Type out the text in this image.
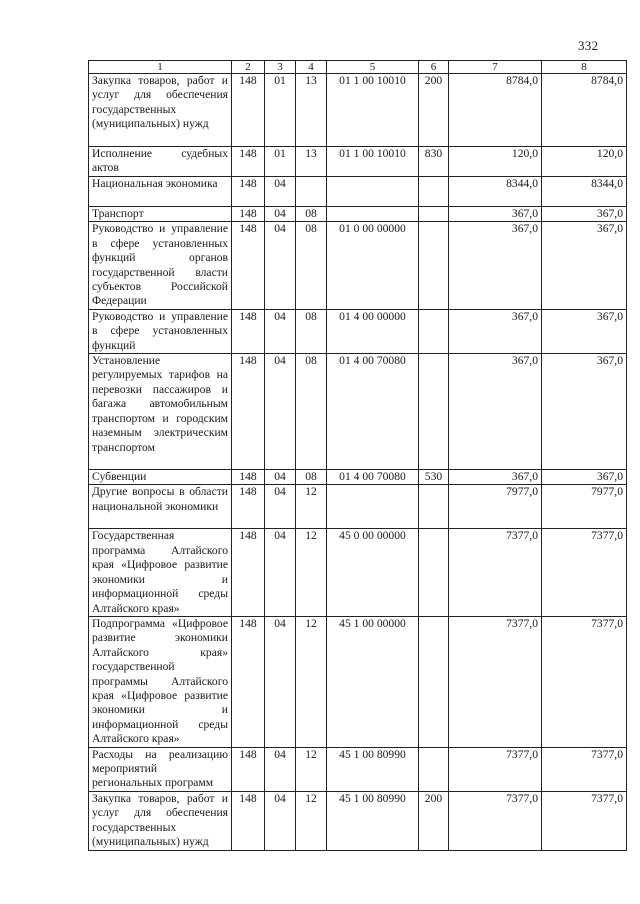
332
1	2	3	4	5	6	7	8
Закупка товаров, работ и услуг для обеспечения государственных (муниципальных) нужд	148	01	13	01 1 00 10010	200	8784,0	8784,0
Исполнение судебных актов	148	01	13	01 1 00 10010	830	120,0	120,0
Национальная экономика	148	04				8344,0	8344,0
Транспорт	148	04	08			367,0	367,0
Руководство и управление в сфере установленных функций органов государственной власти субъектов Российской Федерации	148	04	08	01 0 00 00000		367,0	367,0
Руководство и управление в сфере установленных функций	148	04	08	01 4 00 00000		367,0	367,0
Установление регулируемых тарифов на перевозки пассажиров и багажа автомобильным транспортом и городским наземным электрическим транспортом	148	04	08	01 4 00 70080		367,0	367,0
Субвенции	148	04	08	01 4 00 70080	530	367,0	367,0
Другие вопросы в области национальной экономики	148	04	12			7977,0	7977,0
Государственная программа Алтайского края «Цифровое развитие экономики и информационной среды Алтайского края»	148	04	12	45 0 00 00000		7377,0	7377,0
Подпрограмма «Цифровое развитие экономики Алтайского края» государственной программы Алтайского края «Цифровое развитие экономики и информационной среды Алтайского края»	148	04	12	45 1 00 00000		7377,0	7377,0
Расходы на реализацию мероприятий региональных программ	148	04	12	45 1 00 80990		7377,0	7377,0
Закупка товаров, работ и услуг для обеспечения государственных (муниципальных) нужд	148	04	12	45 1 00 80990	200	7377,0	7377,0
